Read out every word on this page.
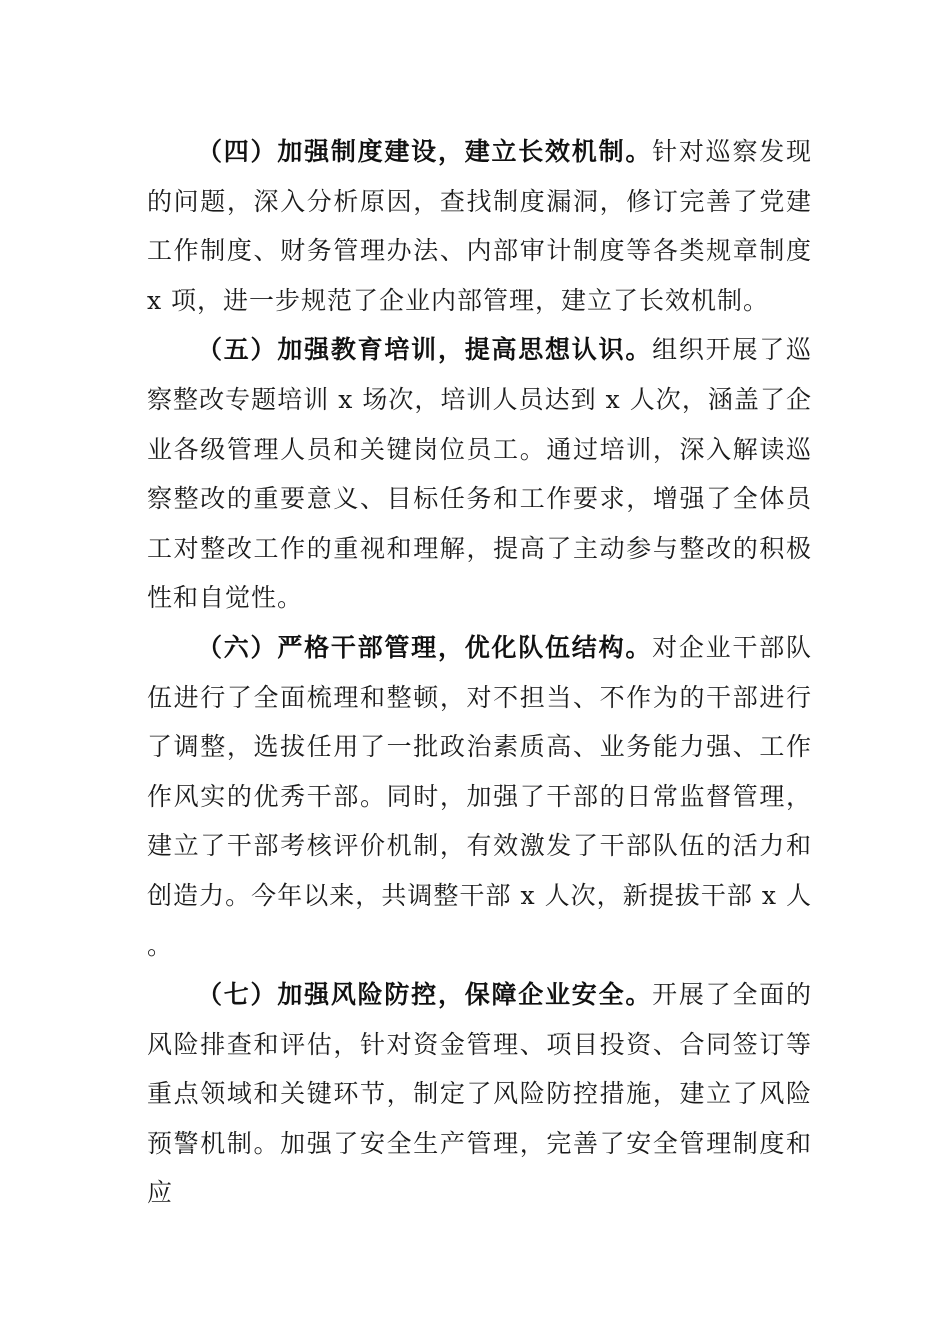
（四）加强制度建设，建立长效机制。针对巡察发现的问题，深入分析原因，查找制度漏洞，修订完善了党建工作制度、财务管理办法、内部审计制度等各类规章制度 x 项，进一步规范了企业内部管理，建立了长效机制。

（五）加强教育培训，提高思想认识。组织开展了巡察整改专题培训 x 场次，培训人员达到 x 人次，涵盖了企业各级管理人员和关键岗位员工。通过培训，深入解读巡察整改的重要意义、目标任务和工作要求，增强了全体员工对整改工作的重视和理解，提高了主动参与整改的积极性和自觉性。

（六）严格干部管理，优化队伍结构。对企业干部队伍进行了全面梳理和整顿，对不担当、不作为的干部进行了调整，选拔任用了一批政治素质高、业务能力强、工作作风实的优秀干部。同时，加强了干部的日常监督管理，建立了干部考核评价机制，有效激发了干部队伍的活力和创造力。今年以来，共调整干部 x 人次，新提拔干部 x 人。

（七）加强风险防控，保障企业安全。开展了全面的风险排查和评估，针对资金管理、项目投资、合同签订等重点领域和关键环节，制定了风险防控措施，建立了风险预警机制。加强了安全生产管理，完善了安全管理制度和应
